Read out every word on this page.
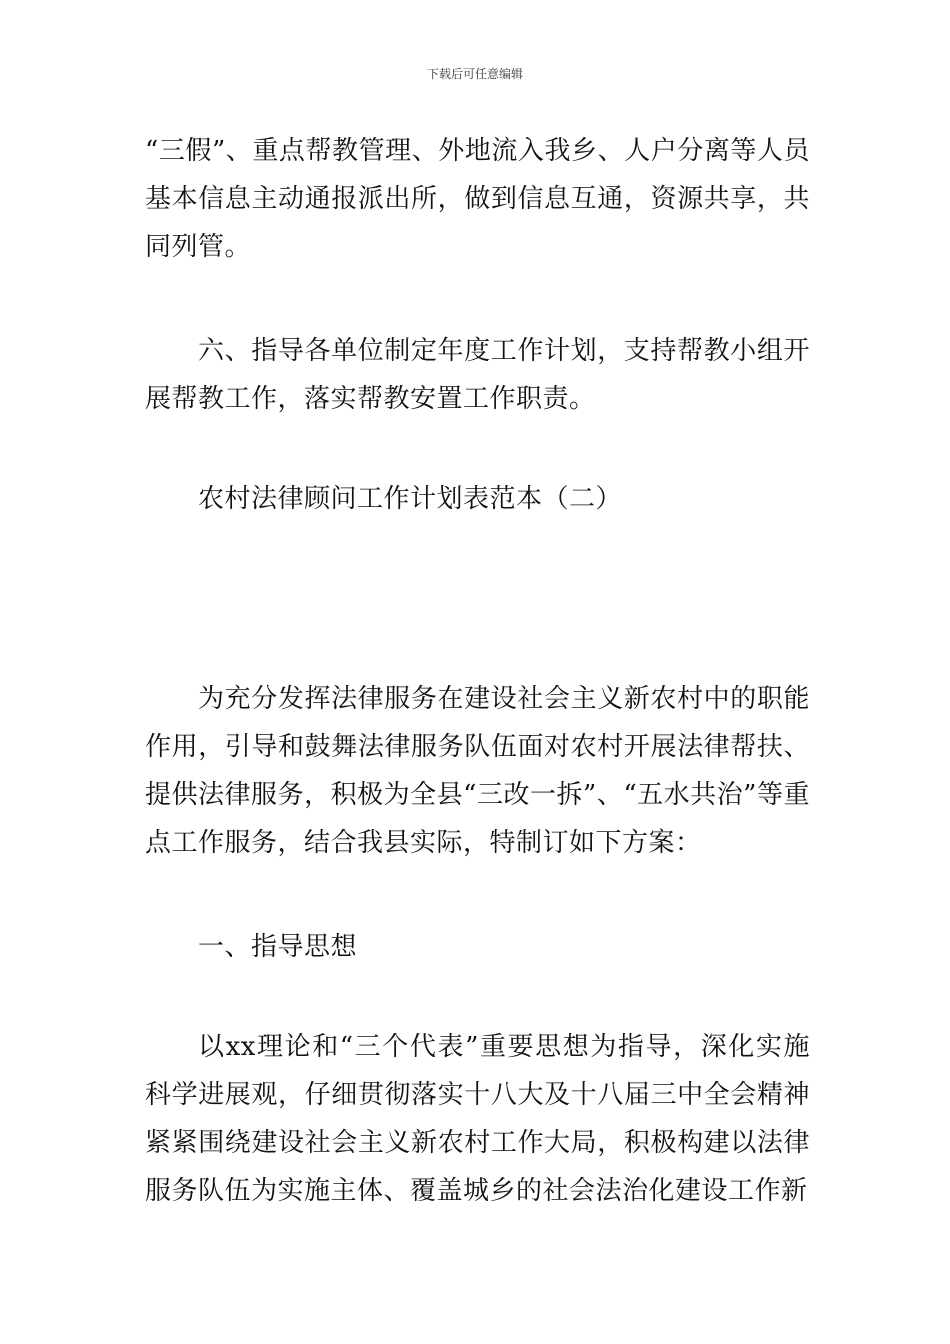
下载后可任意编辑

“三假”、重点帮教管理、外地流入我乡、人户分离等人员基本信息主动通报派出所，做到信息互通，资源共享，共同列管。

六、指导各单位制定年度工作计划，支持帮教小组开展帮教工作，落实帮教安置工作职责。

农村法律顾问工作计划表范本（二）

为充分发挥法律服务在建设社会主义新农村中的职能作用，引导和鼓舞法律服务队伍面对农村开展法律帮扶、提供法律服务，积极为全县“三改一拆”、“五水共治”等重点工作服务，结合我县实际，特制订如下方案：

一、指导思想

以xx理论和“三个代表”重要思想为指导，深化实施科学进展观，仔细贯彻落实十八大及十八届三中全会精神紧紧围绕建设社会主义新农村工作大局，积极构建以法律服务队伍为实施主体、覆盖城乡的社会法治化建设工作新
